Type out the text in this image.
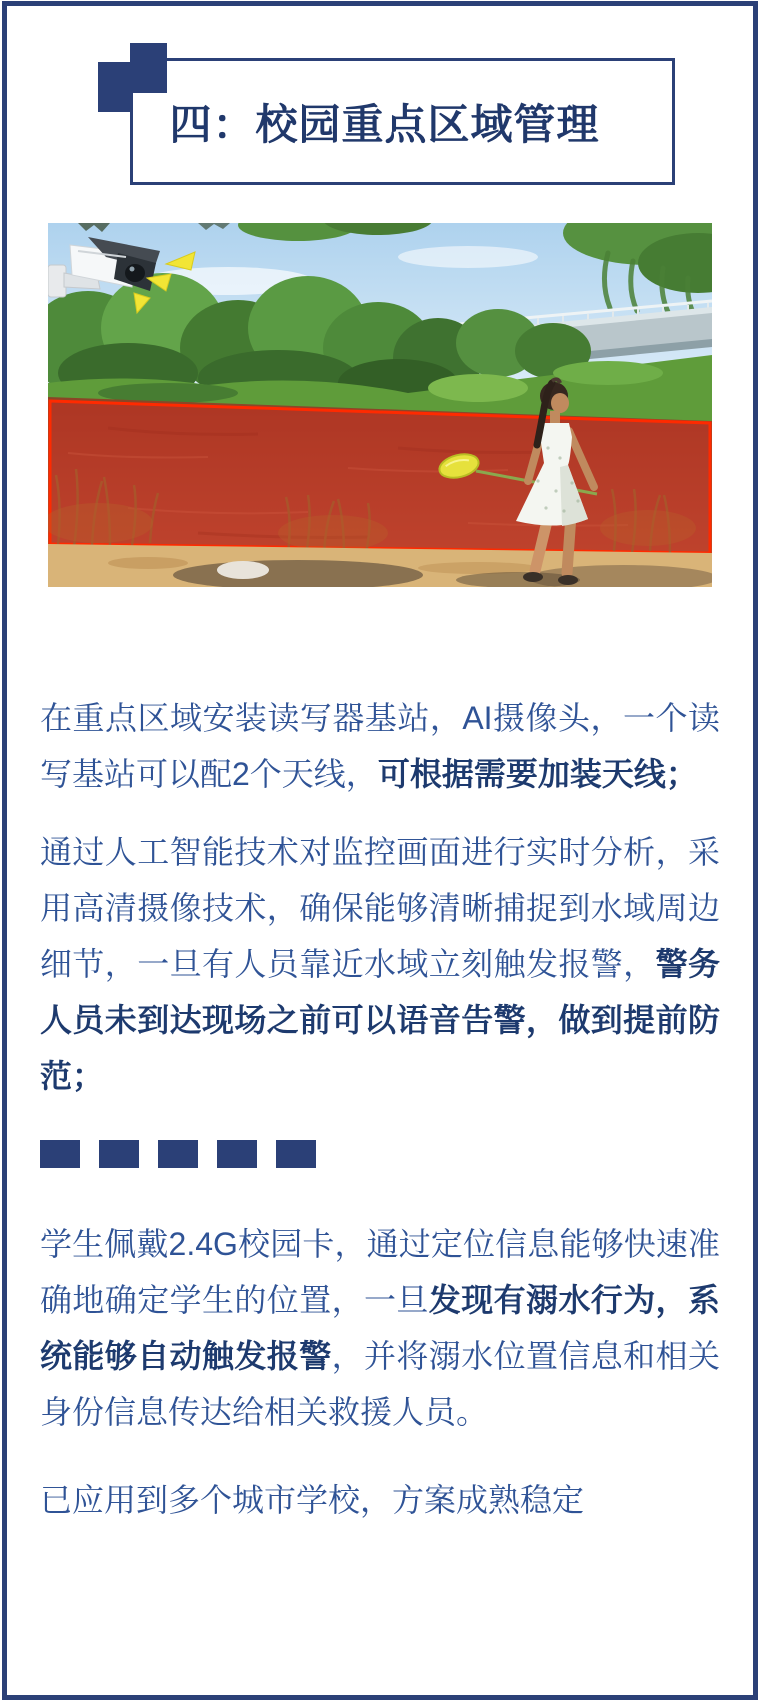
四：校园重点区域管理

在重点区域安装读写器基站，AI摄像头，一个读写基站可以配2个天线，可根据需要加装天线；

通过人工智能技术对监控画面进行实时分析，采用高清摄像技术，确保能够清晰捕捉到水域周边细节，一旦有人员靠近水域立刻触发报警，警务人员未到达现场之前可以语音告警，做到提前防范；

学生佩戴2.4G校园卡，通过定位信息能够快速准确地确定学生的位置，一旦发现有溺水行为，系统能够自动触发报警，并将溺水位置信息和相关身份信息传达给相关救援人员。

已应用到多个城市学校，方案成熟稳定
